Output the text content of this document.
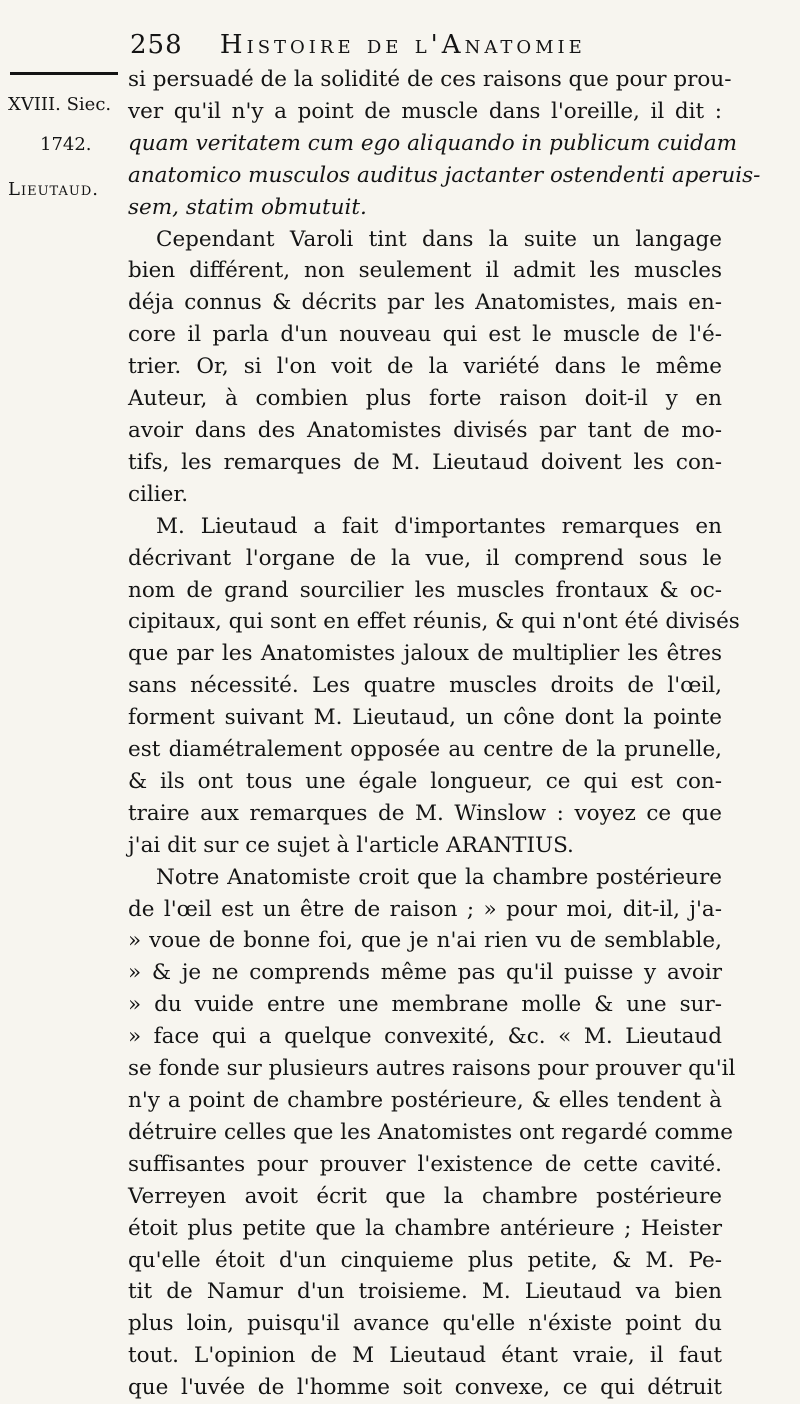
258 Histoire de l'Anatomie
XVIII. Siec.
1742.
Lieutaud.
si persuadé de la solidité de ces raisons que pour prou-
ver qu'il n'y a point de muscle dans l'oreille, il dit :
quam veritatem cum ego aliquando in publicum cuidam
anatomico musculos auditus jactanter ostendenti aperuis-
sem, statim obmutuit.
Cependant Varoli tint dans la suite un langage
bien différent, non seulement il admit les muscles
déja connus & décrits par les Anatomistes, mais en-
core il parla d'un nouveau qui est le muscle de l'é-
trier. Or, si l'on voit de la variété dans le même
Auteur, à combien plus forte raison doit-il y en
avoir dans des Anatomistes divisés par tant de mo-
tifs, les remarques de M. Lieutaud doivent les con-
cilier.
M. Lieutaud a fait d'importantes remarques en
décrivant l'organe de la vue, il comprend sous le
nom de grand sourcilier les muscles frontaux & oc-
cipitaux, qui sont en effet réunis, & qui n'ont été divisés
que par les Anatomistes jaloux de multiplier les êtres
sans nécessité. Les quatre muscles droits de l'œil,
forment suivant M. Lieutaud, un cône dont la pointe
est diamétralement opposée au centre de la prunelle,
& ils ont tous une égale longueur, ce qui est con-
traire aux remarques de M. Winslow : voyez ce que
j'ai dit sur ce sujet à l'article ARANTIUS.
Notre Anatomiste croit que la chambre postérieure
de l'œil est un être de raison ; » pour moi, dit-il, j'a-
» voue de bonne foi, que je n'ai rien vu de semblable,
» & je ne comprends même pas qu'il puisse y avoir
» du vuide entre une membrane molle & une sur-
» face qui a quelque convexité, &c. « M. Lieutaud
se fonde sur plusieurs autres raisons pour prouver qu'il
n'y a point de chambre postérieure, & elles tendent à
détruire celles que les Anatomistes ont regardé comme
suffisantes pour prouver l'existence de cette cavité.
Verreyen avoit écrit que la chambre postérieure
étoit plus petite que la chambre antérieure ; Heister
qu'elle étoit d'un cinquieme plus petite, & M. Pe-
tit de Namur d'un troisieme. M. Lieutaud va bien
plus loin, puisqu'il avance qu'elle n'éxiste point du
tout. L'opinion de M Lieutaud étant vraie, il faut
que l'uvée de l'homme soit convexe, ce qui détruit
